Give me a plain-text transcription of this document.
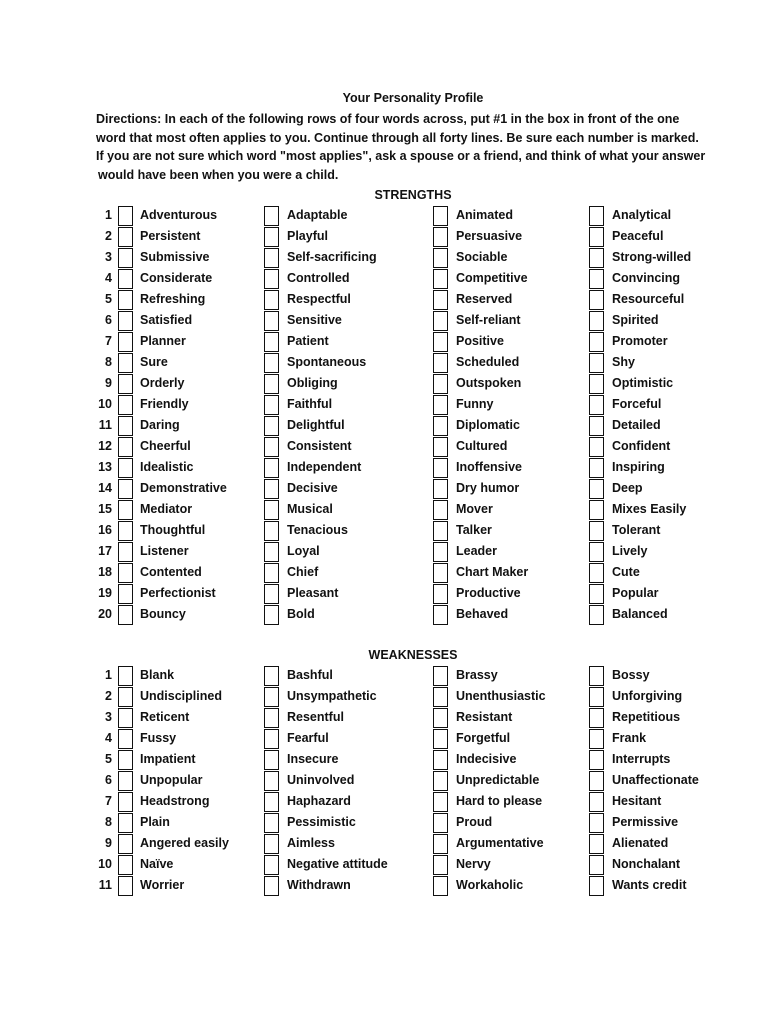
Your Personality Profile
Directions: In each of the following rows of four words across, put #1 in the box in front of the one
word that most often applies to you. Continue through all forty lines. Be sure each number is marked.
If you are not sure which word "most applies", ask a spouse or a friend, and think of what your answer
would have been when you were a child.
STRENGTHS
1 Adventurous	Adaptable	Animated	Analytical
2 Persistent	Playful	Persuasive	Peaceful
3 Submissive	Self-sacrificing	Sociable	Strong-willed
4 Considerate	Controlled	Competitive	Convincing
5 Refreshing	Respectful	Reserved	Resourceful
6 Satisfied	Sensitive	Self-reliant	Spirited
7 Planner	Patient	Positive	Promoter
8 Sure	Spontaneous	Scheduled	Shy
9 Orderly	Obliging	Outspoken	Optimistic
10 Friendly	Faithful	Funny	Forceful
11 Daring	Delightful	Diplomatic	Detailed
12 Cheerful	Consistent	Cultured	Confident
13 Idealistic	Independent	Inoffensive	Inspiring
14 Demonstrative	Decisive	Dry humor	Deep
15 Mediator	Musical	Mover	Mixes Easily
16 Thoughtful	Tenacious	Talker	Tolerant
17 Listener	Loyal	Leader	Lively
18 Contented	Chief	Chart Maker	Cute
19 Perfectionist	Pleasant	Productive	Popular
20 Bouncy	Bold	Behaved	Balanced
WEAKNESSES
1 Blank	Bashful	Brassy	Bossy
2 Undisciplined	Unsympathetic	Unenthusiastic	Unforgiving
3 Reticent	Resentful	Resistant	Repetitious
4 Fussy	Fearful	Forgetful	Frank
5 Impatient	Insecure	Indecisive	Interrupts
6 Unpopular	Uninvolved	Unpredictable	Unaffectionate
7 Headstrong	Haphazard	Hard to please	Hesitant
8 Plain	Pessimistic	Proud	Permissive
9 Angered easily	Aimless	Argumentative	Alienated
10 Naïve	Negative attitude	Nervy	Nonchalant
11 Worrier	Withdrawn	Workaholic	Wants credit
